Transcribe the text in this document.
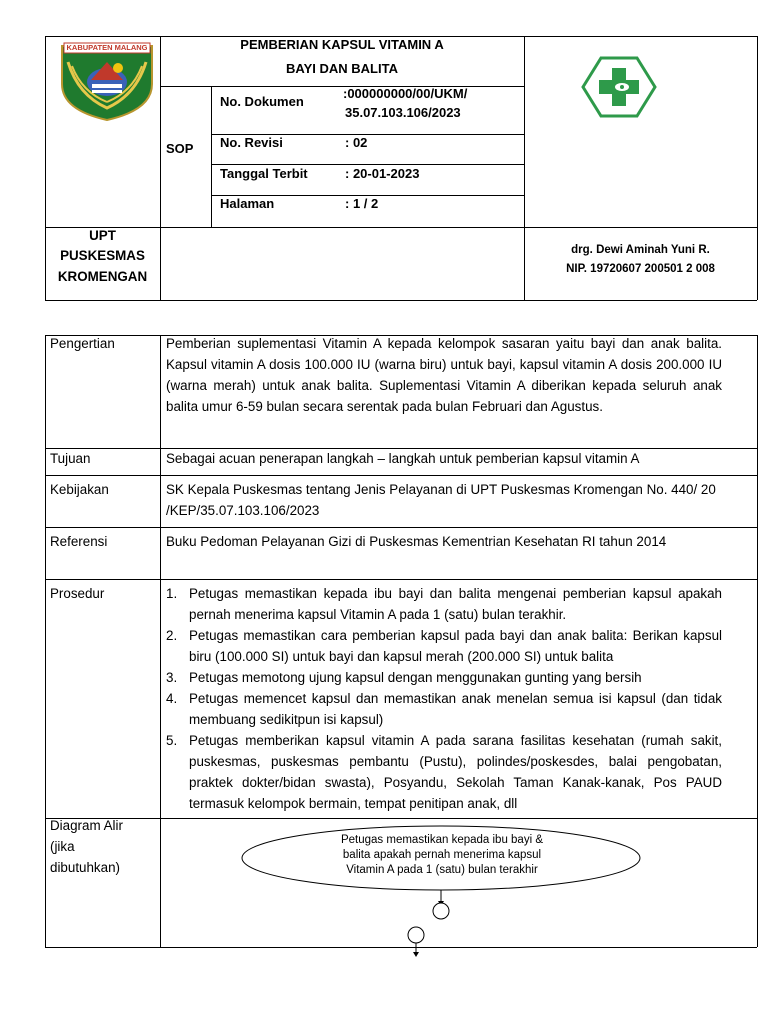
KABUPATEN MALANG	PEMBERIAN KAPSUL VITAMIN A
BAYI DAN BALITA
SOP
No. Dokumen
:000000000/00/UKM/
35.07.103.106/2023
No. Revisi	: 02
Tanggal Terbit	: 20-01-2023
Halaman	: 1 / 2
UPT
PUSKESMAS
KROMENGAN
drg. Dewi Aminah Yuni R.
NIP. 19720607 200501 2 008
Pengertian	Pemberian suplementasi Vitamin A kepada kelompok sasaran yaitu bayi dan anak balita. Kapsul vitamin A dosis 100.000 IU (warna biru) untuk bayi, kapsul vitamin A dosis 200.000 IU (warna merah) untuk anak balita. Suplementasi Vitamin A diberikan kepada seluruh anak balita umur 6-59 bulan secara serentak pada bulan Februari dan Agustus.
Tujuan	Sebagai acuan penerapan langkah – langkah untuk pemberian kapsul vitamin A
Kebijakan	SK Kepala Puskesmas tentang Jenis Pelayanan di UPT Puskesmas Kromengan No. 440/ 20 /KEP/35.07.103.106/2023
Referensi	Buku Pedoman Pelayanan Gizi di Puskesmas Kementrian Kesehatan RI tahun 2014
Prosedur	1. Petugas memastikan kepada ibu bayi dan balita mengenai pemberian kapsul apakah pernah menerima kapsul Vitamin A pada 1 (satu) bulan terakhir.
2. Petugas memastikan cara pemberian kapsul pada bayi dan anak balita: Berikan kapsul biru (100.000 SI) untuk bayi dan kapsul merah (200.000 SI) untuk balita
3. Petugas memotong ujung kapsul dengan menggunakan gunting yang bersih
4. Petugas memencet kapsul dan memastikan anak menelan semua isi kapsul (dan tidak membuang sedikitpun isi kapsul)
5. Petugas memberikan kapsul vitamin A pada sarana fasilitas kesehatan (rumah sakit, puskesmas, puskesmas pembantu (Pustu), polindes/poskesdes, balai pengobatan, praktek dokter/bidan swasta), Posyandu, Sekolah Taman Kanak-kanak, Pos PAUD termasuk kelompok bermain, tempat penitipan anak, dll
Diagram Alir
(jika
dibutuhkan)
Petugas memastikan kepada ibu bayi &
balita apakah pernah menerima kapsul
Vitamin A pada 1 (satu) bulan terakhir
